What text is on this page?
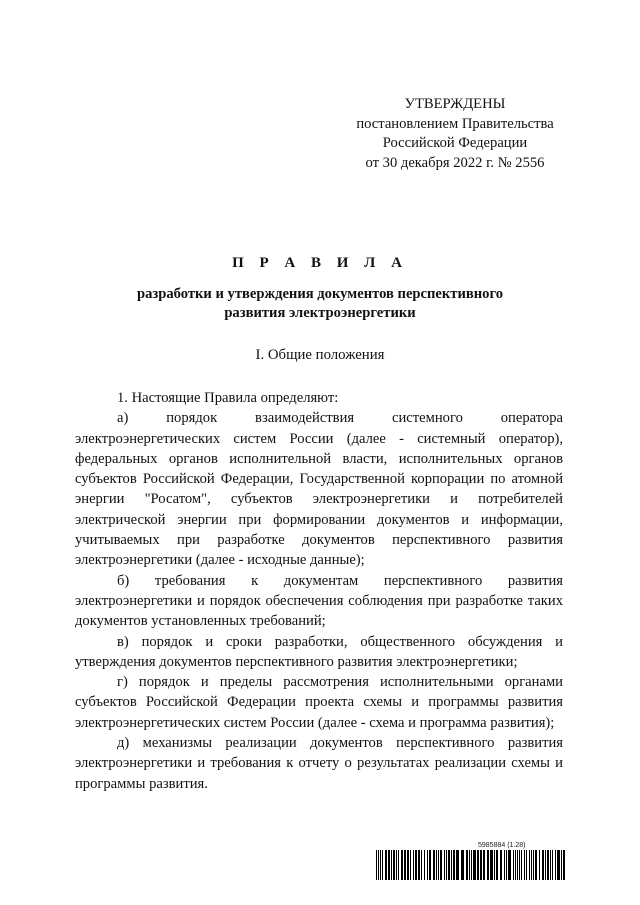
УТВЕРЖДЕНЫ
постановлением Правительства
Российской Федерации
от 30 декабря 2022 г. № 2556
П Р А В И Л А
разработки и утверждения документов перспективного
развития электроэнергетики
I. Общие положения

1. Настоящие Правила определяют:

а) порядок взаимодействия системного оператора электроэнергетических систем России (далее - системный оператор), федеральных органов исполнительной власти, исполнительных органов субъектов Российской Федерации, Государственной корпорации по атомной энергии "Росатом", субъектов электроэнергетики и потребителей электрической энергии при формировании документов и информации, учитываемых при разработке документов перспективного развития электроэнергетики (далее - исходные данные);

б) требования к документам перспективного развития электроэнергетики и порядок обеспечения соблюдения при разработке таких документов установленных требований;

в) порядок и сроки разработки, общественного обсуждения и утверждения документов перспективного развития электроэнергетики;

г) порядок и пределы рассмотрения исполнительными органами субъектов Российской Федерации проекта схемы и программы развития электроэнергетических систем России (далее - схема и программа развития);

д) механизмы реализации документов перспективного развития электроэнергетики и требования к отчету о результатах реализации схемы и программы развития.

5985884 (1.28)
